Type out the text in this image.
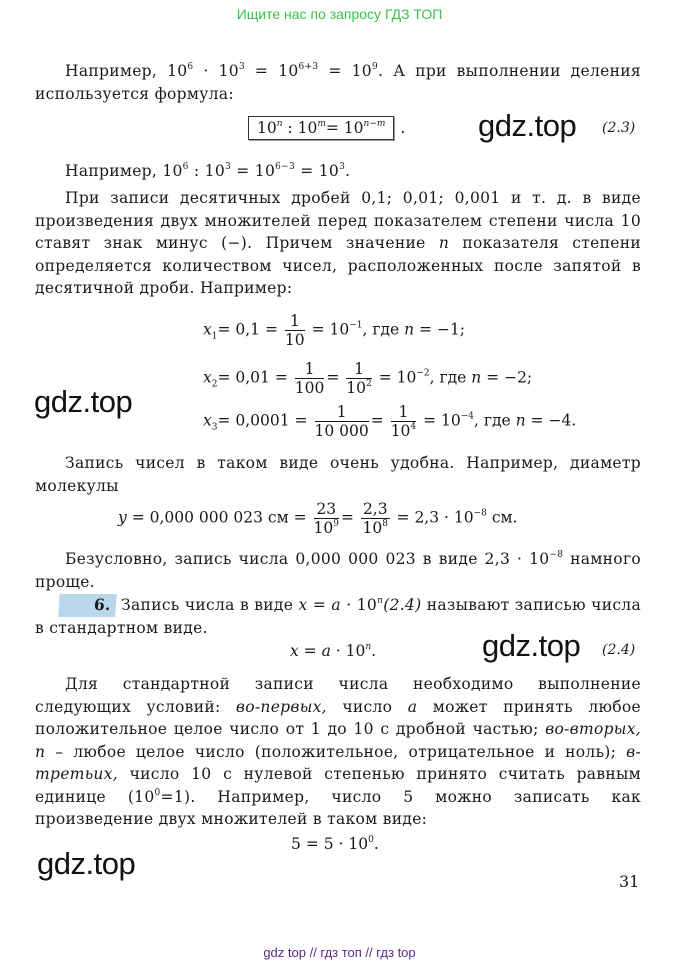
Ищите нас по запросу ГДЗ ТОП
Например, $10^6 \cdot 10^3 = 10^{6+3} = 10^9$. А при выполнении деления используется формула:
10$^n$ : $10^m= 10^{n-m}$ . gdz.top (2.3)
Например, $10^6$ : $10^3 = 10^{6-3} = 10^3$.
При записи десятичных дробей 0,1; 0,01; 0,001 и т. д. в виде произведения двух множителей перед показателем степени числа 10 ставят знак минус (−). Причем значение n показателя степени определяется количеством чисел, расположенных после запятой в десятичной дроби. Например:
$x_1= 0,1 = \frac{1}{10} = 10^{-1}$, где n = −1;
$x_2= 0,01 = \frac{1}{100} = \frac{1}{10^2} = 10^{-2}$, где n = −2;
gdz.top
$x_3= 0,0001 = \frac{1}{10 000} = \frac{1}{10^4} = 10^{-4}$, где n = −4.
Запись чисел в таком виде очень удобна. Например, диаметр молекулы
y = 0,000 000 023 см = $\frac{23}{10^9} = \frac{2,3}{10^8} = 2,3 \cdot 10^{-8}$ см.
Безусловно, запись числа 0,000 000 023 в виде $2,3 \cdot 10^{-8}$ намного проще.
6. Запись числа в виде $x = a \cdot 10^n(2.4)$ называют записью числа в стандартном виде.
$x = a \cdot 10^n$.	gdz.top (2.4)
Для стандартной записи числа необходимо выполнение следующих условий: во-первых, число a может принять любое положительное целое число от 1 до 10 с дробной частью; во-вторых, n – любое целое число (положительное, отрицательное и ноль); в-третьих, число 10 с нулевой степенью принято считать равным единице $(10^0=1)$. Например, число 5 можно записать как произведение двух множителей в таком виде:
$5 = 5 \cdot 10^0$.
gdz.top
31
gdz top // гдз топ // гдз top
